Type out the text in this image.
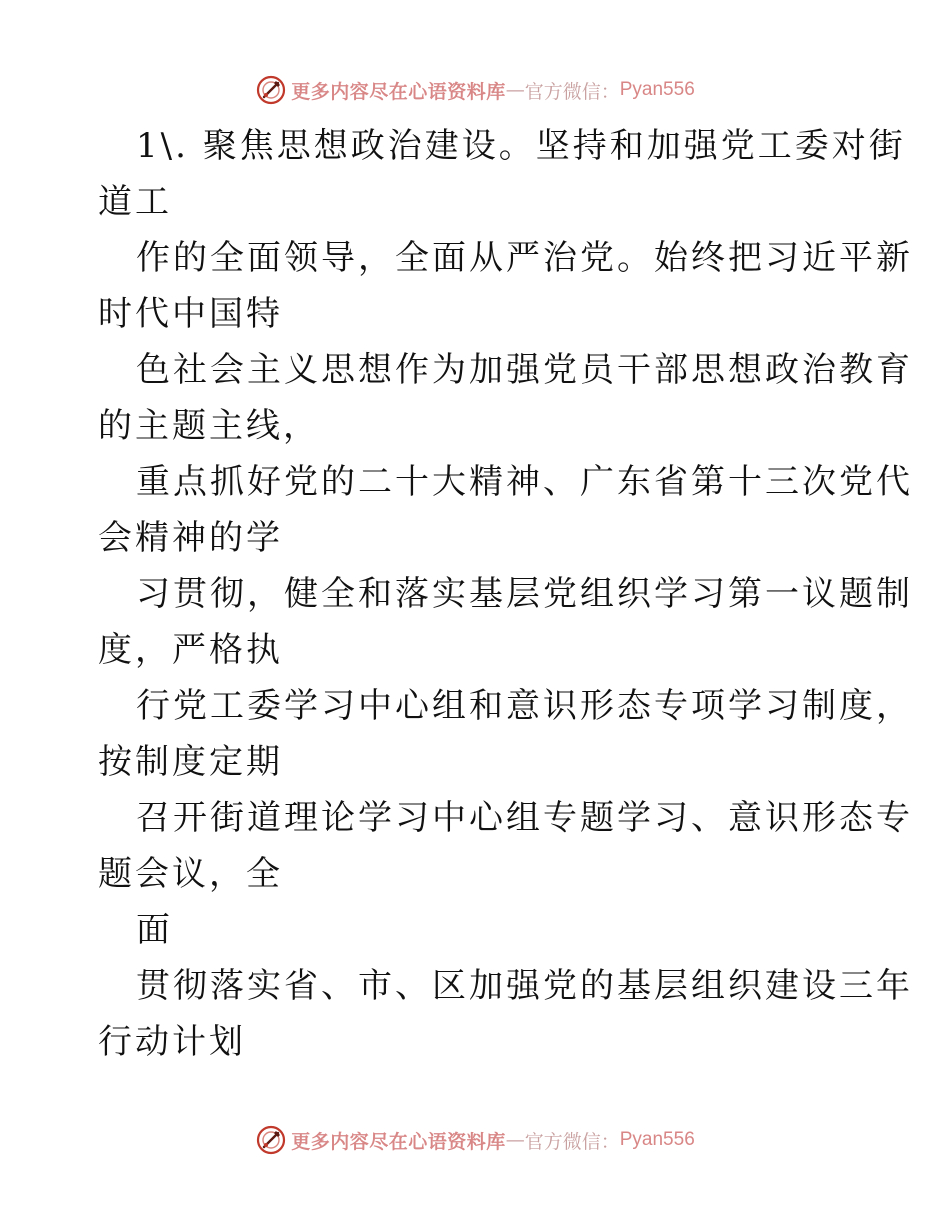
更多内容尽在心语资料库 — 官方微信： Pyan556
1\. 聚焦思想政治建设。坚持和加强党工委对街
道工
作的全面领导，全面从严治党。始终把习近平新
时代中国特
色社会主义思想作为加强党员干部思想政治教育
的主题主线，
重点抓好党的二十大精神、广东省第十三次党代
会精神的学
习贯彻，健全和落实基层党组织学习第一议题制
度，严格执
行党工委学习中心组和意识形态专项学习制度，
按制度定期
召开街道理论学习中心组专题学习、意识形态专
题会议，全
面
贯彻落实省、市、区加强党的基层组织建设三年
行动计划
更多内容尽在心语资料库 — 官方微信： Pyan556
